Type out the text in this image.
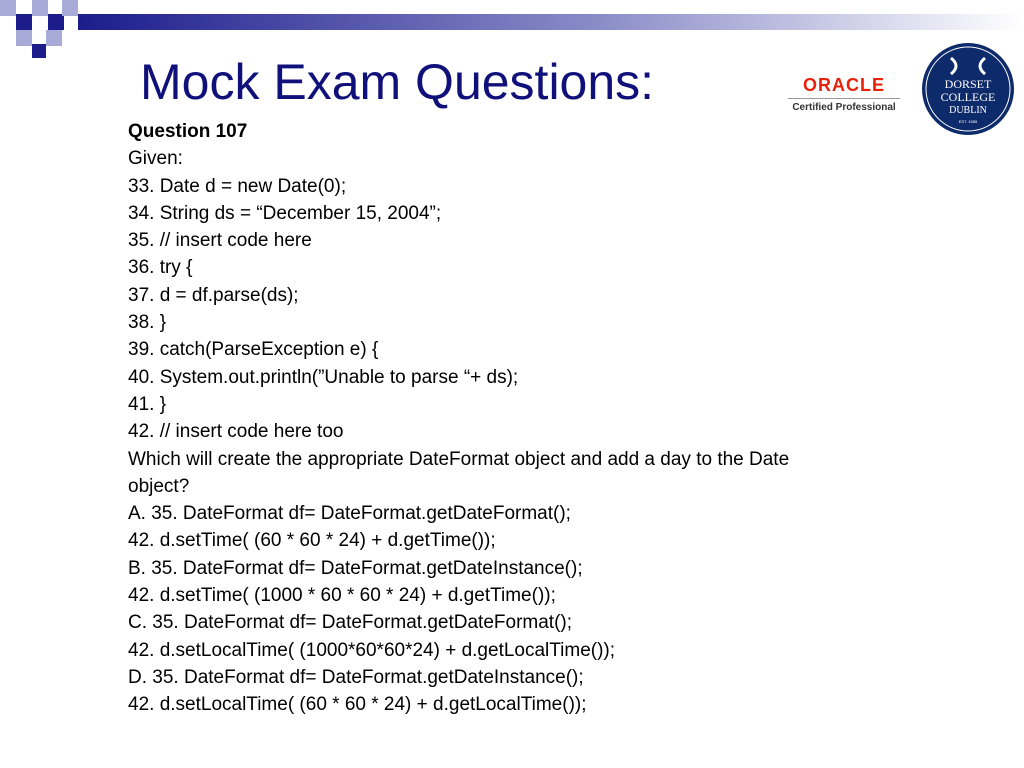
Mock Exam Questions:	ORACLE
Certified Professional
DORSET
COLLEGE
DUBLIN
EST. 1985

Question 107

Given:

33. Date d = new Date(0);

34. String ds = “December 15, 2004”;

35. // insert code here

36. try {

37. d = df.parse(ds);

38. }

39. catch(ParseException e) {

40. System.out.println(”Unable to parse “+ ds);

41. }

42. // insert code here too

Which will create the appropriate DateFormat object and add a day to the Date object?

A. 35. DateFormat df= DateFormat.getDateFormat();

42. d.setTime( (60 * 60 * 24) + d.getTime());

B. 35. DateFormat df= DateFormat.getDateInstance();

42. d.setTime( (1000 * 60 * 60 * 24) + d.getTime());

C. 35. DateFormat df= DateFormat.getDateFormat();

42. d.setLocalTime( (1000*60*60*24) + d.getLocalTime());

D. 35. DateFormat df= DateFormat.getDateInstance();

42. d.setLocalTime( (60 * 60 * 24) + d.getLocalTime());
